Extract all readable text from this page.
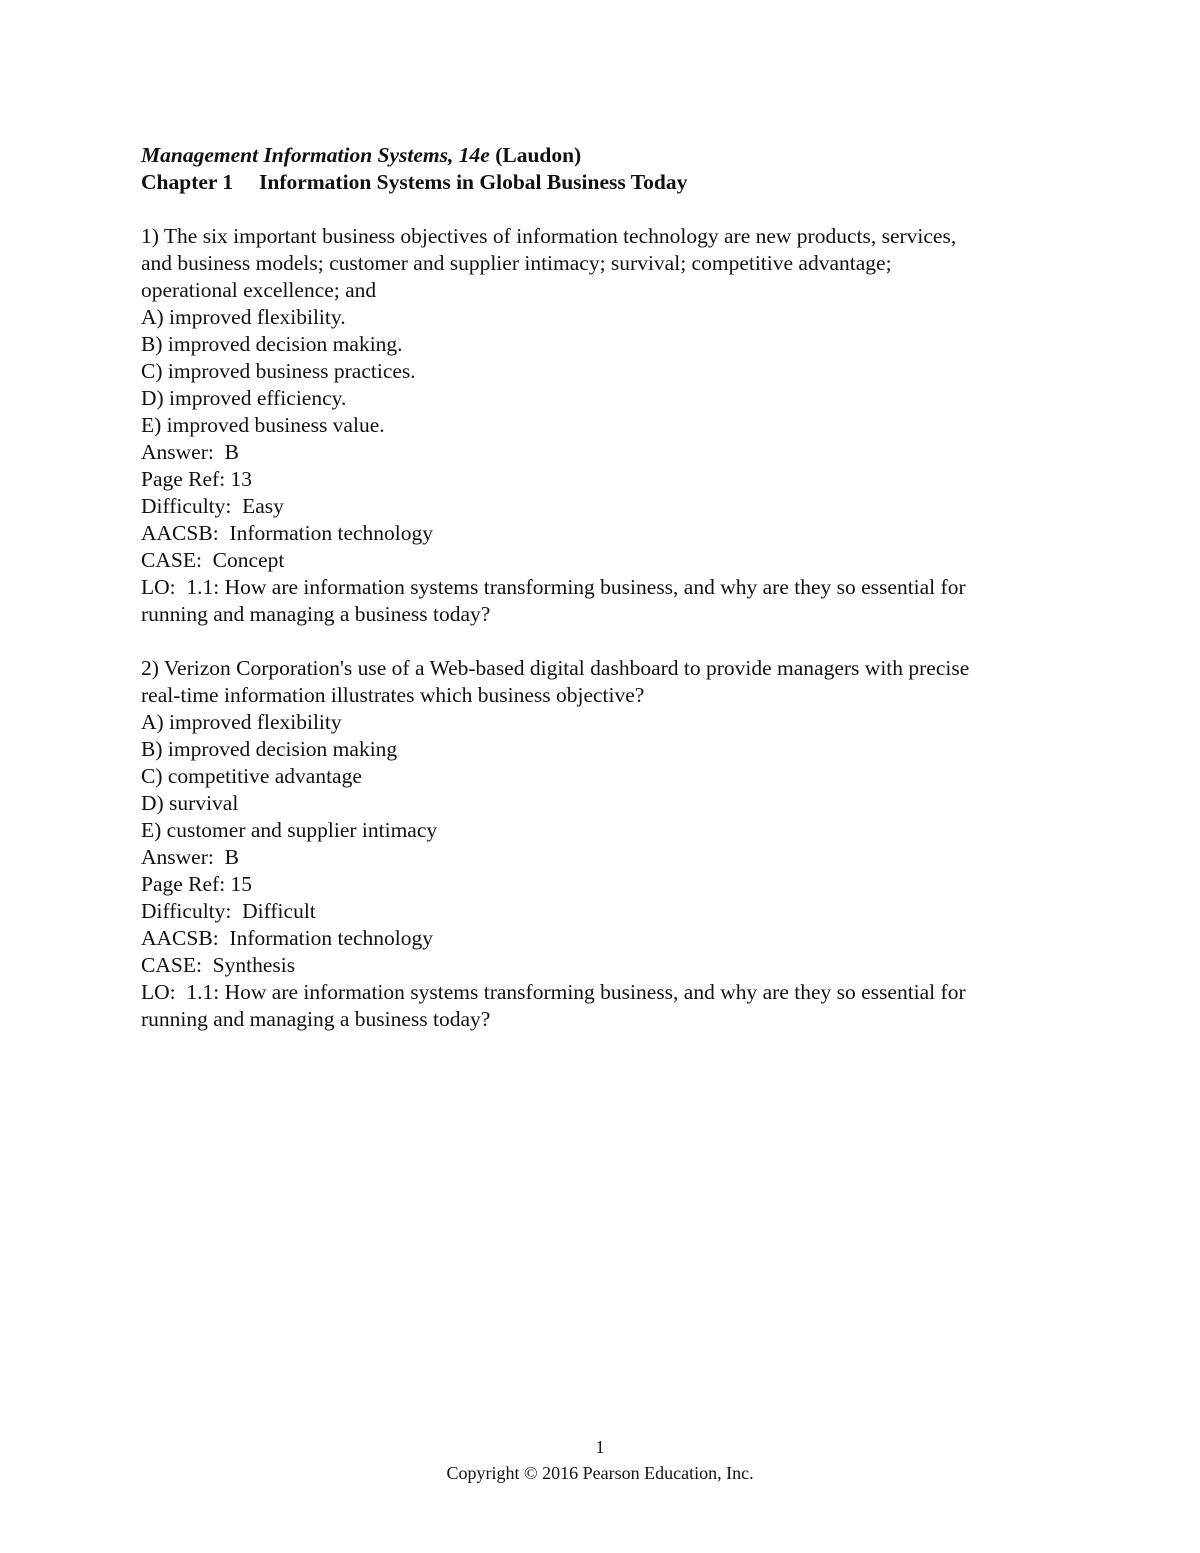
Management Information Systems, 14e (Laudon)
Chapter 1 Information Systems in Global Business Today
1) The six important business objectives of information technology are new products, services,
and business models; customer and supplier intimacy; survival; competitive advantage;
operational excellence; and
A) improved flexibility.
B) improved decision making.
C) improved business practices.
D) improved efficiency.
E) improved business value.
Answer:  B
Page Ref: 13
Difficulty:  Easy
AACSB:  Information technology
CASE:  Concept
LO:  1.1: How are information systems transforming business, and why are they so essential for
running and managing a business today?
2) Verizon Corporation's use of a Web-based digital dashboard to provide managers with precise
real-time information illustrates which business objective?
A) improved flexibility
B) improved decision making
C) competitive advantage
D) survival
E) customer and supplier intimacy
Answer:  B
Page Ref: 15
Difficulty:  Difficult
AACSB:  Information technology
CASE:  Synthesis
LO:  1.1: How are information systems transforming business, and why are they so essential for
running and managing a business today?
1
Copyright © 2016 Pearson Education, Inc.
